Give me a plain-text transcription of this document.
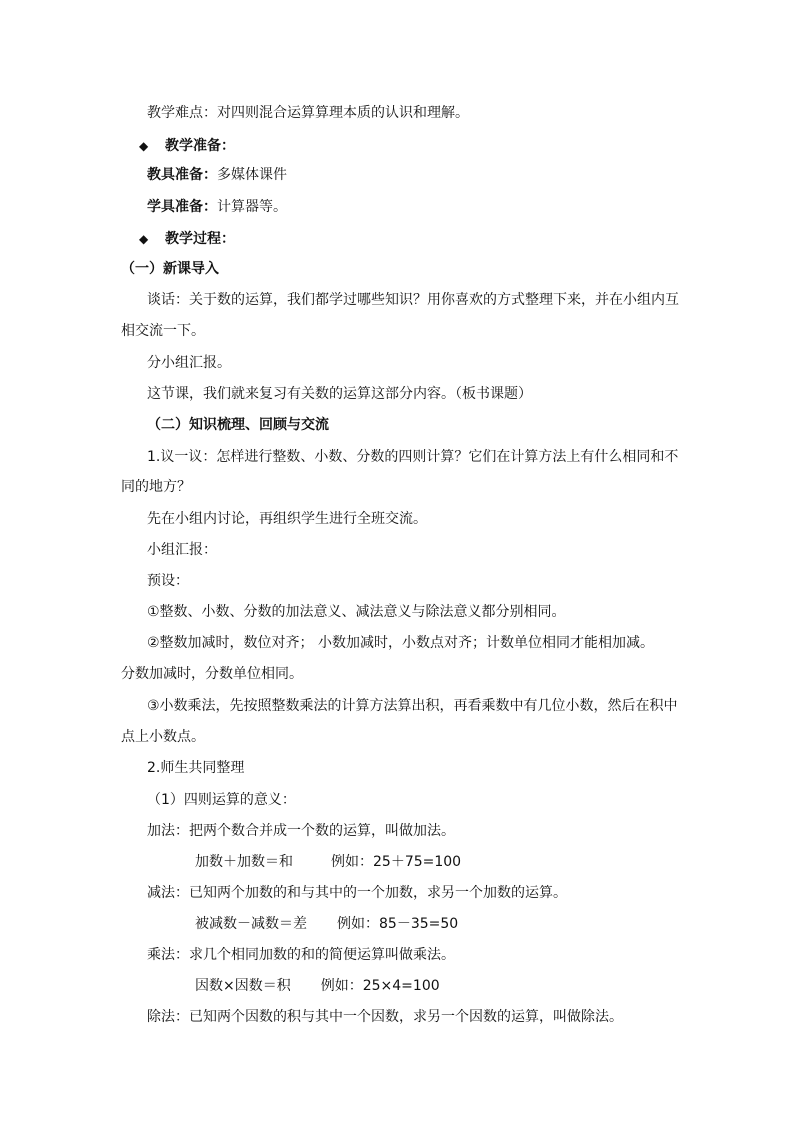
教学难点：对四则混合运算算理本质的认识和理解。
◆ 教学准备：
教具准备：多媒体课件
学具准备：计算器等。
◆ 教学过程：
（一）新课导入
谈话：关于数的运算，我们都学过哪些知识？用你喜欢的方式整理下来，并在小组内互
相交流一下。
分小组汇报。
这节课，我们就来复习有关数的运算这部分内容。（板书课题）
（二）知识梳理、回顾与交流
1.议一议：怎样进行整数、小数、分数的四则计算？它们在计算方法上有什么相同和不
同的地方？
先在小组内讨论，再组织学生进行全班交流。
小组汇报：
预设：
①整数、小数、分数的加法意义、减法意义与除法意义都分别相同。
②整数加减时，数位对齐； 小数加减时，小数点对齐；计数单位相同才能相加减。
分数加减时，分数单位相同。
③小数乘法，先按照整数乘法的计算方法算出积，再看乘数中有几位小数，然后在积中
点上小数点。
2.师生共同整理
（1）四则运算的意义：
加法：把两个数合并成一个数的运算，叫做加法。
加数＋加数＝和	例如：25＋75=100
减法：已知两个加数的和与其中的一个加数，求另一个加数的运算。
被减数－减数＝差 例如：85－35=50
乘法：求几个相同加数的和的简便运算叫做乘法。
因数×因数＝积 例如：25×4=100
除法：已知两个因数的积与其中一个因数，求另一个因数的运算，叫做除法。
